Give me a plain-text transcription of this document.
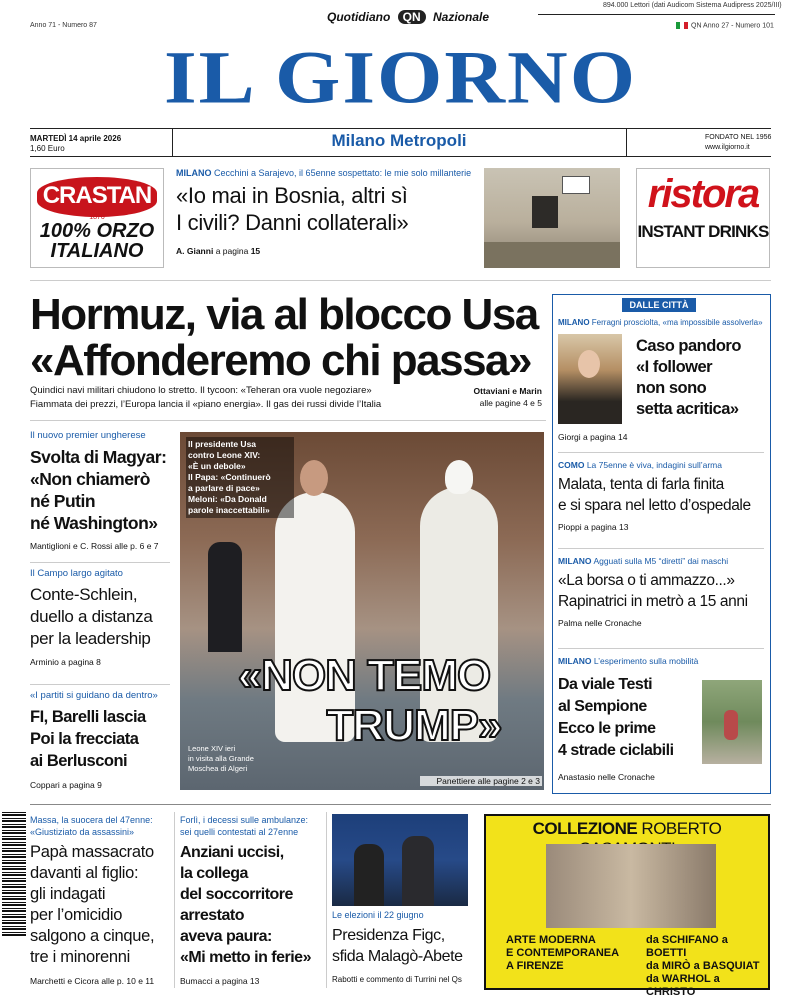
894.000 Lettori (dati Audicom Sistema Audipress 2025/III)
Anno 71 - Numero 87
Quotidiano QN Nazionale
QN Anno 27 - Numero 101
IL GIORNO
MARTEDÌ 14 aprile 2026
1,60 Euro	Milano Metropoli	FONDATO NEL 1956
www.ilgiorno.it
CRASTAN
1870
100% ORZO
ITALIANO
MILANO Cecchini a Sarajevo, il 65enne sospettato: le mie solo millanterie
«Io mai in Bosnia, altri sì
I civili? Danni collaterali»
A. Gianni a pagina 15
ristora
INSTANT DRINKS
Hormuz, via al blocco Usa
«Affonderemo chi passa»
Quindici navi militari chiudono lo stretto. Il tycoon: «Teheran ora vuole negoziare»
Fiammata dei prezzi, l’Europa lancia il «piano energia». Il gas dei russi divide l’Italia
Ottaviani e Marin
alle pagine 4 e 5
Il nuovo premier ungherese
Svolta di Magyar:
«Non chiamerò
né Putin
né Washington»
Mantiglioni e C. Rossi alle p. 6 e 7
Il Campo largo agitato
Conte-Schlein,
duello a distanza
per la leadership
Arminio a pagina 8
«I partiti si guidano da dentro»
FI, Barelli lascia
Poi la frecciata
ai Berlusconi
Coppari a pagina 9
Il presidente Usa
contro Leone XIV:
«È un debole»
Il Papa: «Continuerò
a parlare di pace»
Meloni: «Da Donald
parole inaccettabili»
«NON TEMO
TRUMP»
Leone XIV ieri
in visita alla Grande
Moschea di Algeri
Panettiere alle pagine 2 e 3
DALLE CITTÀ
MILANO Ferragni prosciolta, «ma impossibile assolverla»
Caso pandoro
«I follower
non sono
setta acritica»
Giorgi a pagina 14
COMO La 75enne è viva, indagini sull’arma
Malata, tenta di farla finita
e si spara nel letto d’ospedale
Pioppi a pagina 13
MILANO Agguati sulla M5 “diretti” dai maschi
«La borsa o ti ammazzo...»
Rapinatrici in metrò a 15 anni
Palma nelle Cronache
MILANO L’esperimento sulla mobilità
Da viale Testi
al Sempione
Ecco le prime
4 strade ciclabili
Anastasio nelle Cronache
Massa, la suocera del 47enne:
«Giustiziato da assassini»
Papà massacrato
davanti al figlio:
gli indagati
per l’omicidio
salgono a cinque,
tre i minorenni
Marchetti e Cicora alle p. 10 e 11
Forlì, i decessi sulle ambulanze:
sei quelli contestati al 27enne
Anziani uccisi,
la collega
del soccorritore
arrestato
aveva paura:
«Mi metto in ferie»
Bumacci a pagina 13
Le elezioni il 22 giugno
Presidenza Figc,
sfida Malagò-Abete
Rabotti e commento di Turrini nel Qs
COLLEZIONE ROBERTO
ARTE MODERNA
E CONTEMPORANEA
A FIRENZE
da SCHIFANO a BOETTI
da MIRÒ a BASQUIAT
da WARHOL a CHRISTO
